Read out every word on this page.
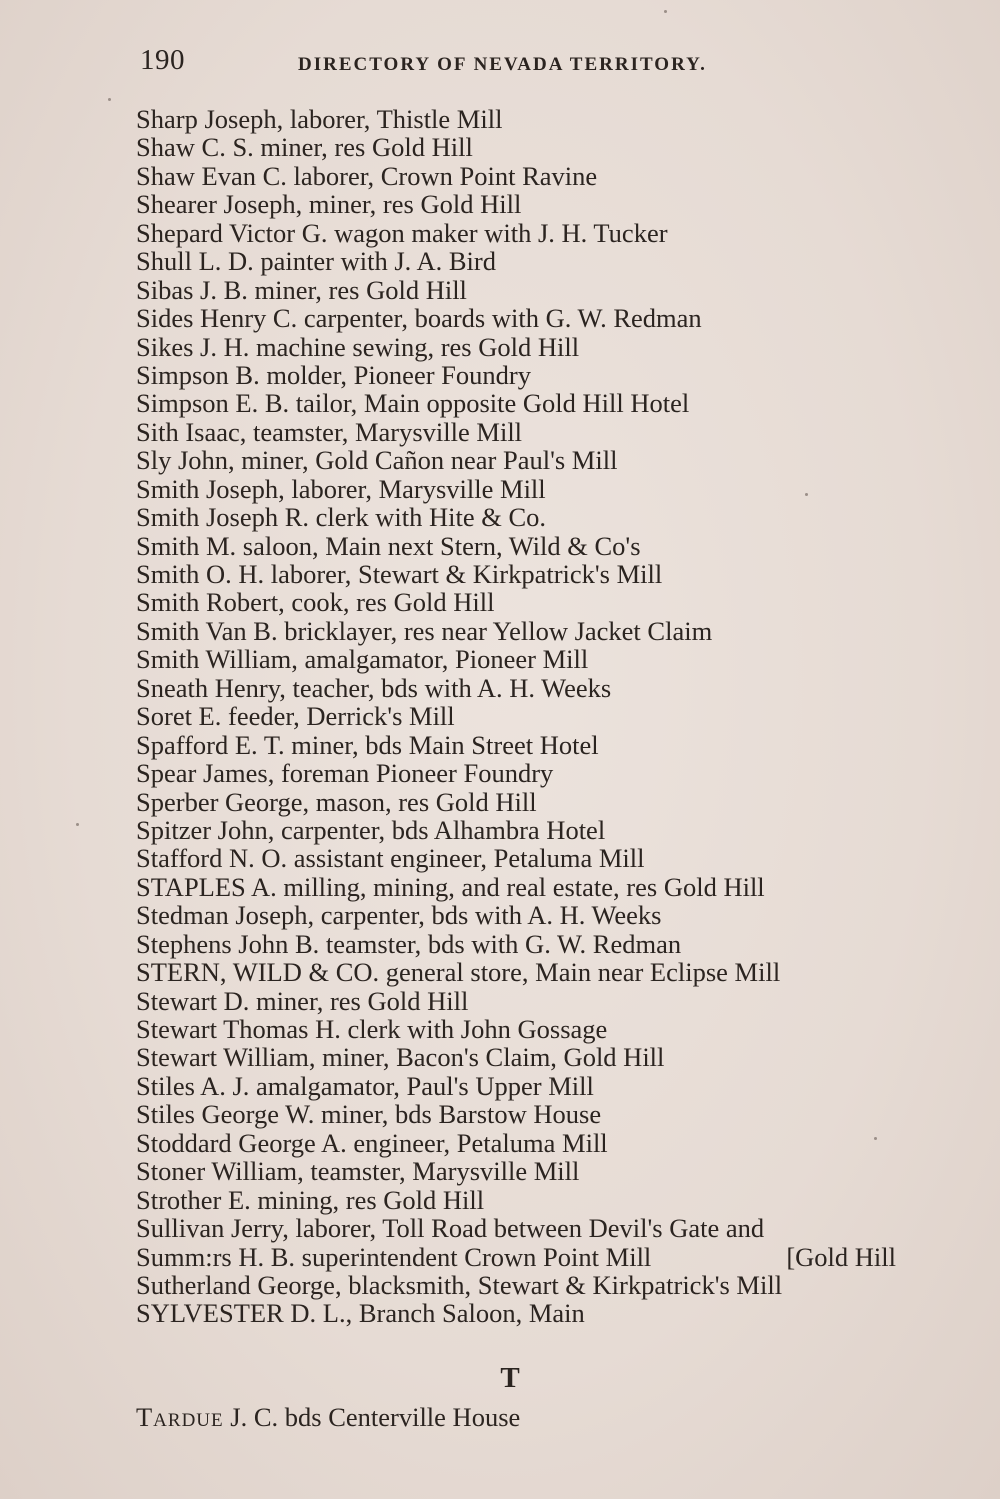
190	DIRECTORY OF NEVADA TERRITORY.
Sharp Joseph, laborer, Thistle Mill
Shaw C. S. miner, res Gold Hill
Shaw Evan C. laborer, Crown Point Ravine
Shearer Joseph, miner, res Gold Hill
Shepard Victor G. wagon maker with J. H. Tucker
Shull L. D. painter with J. A. Bird
Sibas J. B. miner, res Gold Hill
Sides Henry C. carpenter, boards with G. W. Redman
Sikes J. H. machine sewing, res Gold Hill
Simpson B. molder, Pioneer Foundry
Simpson E. B. tailor, Main opposite Gold Hill Hotel
Sith Isaac, teamster, Marysville Mill
Sly John, miner, Gold Cañon near Paul's Mill
Smith Joseph, laborer, Marysville Mill
Smith Joseph R. clerk with Hite & Co.
Smith M. saloon, Main next Stern, Wild & Co's
Smith O. H. laborer, Stewart & Kirkpatrick's Mill
Smith Robert, cook, res Gold Hill
Smith Van B. bricklayer, res near Yellow Jacket Claim
Smith William, amalgamator, Pioneer Mill
Sneath Henry, teacher, bds with A. H. Weeks
Soret E. feeder, Derrick's Mill
Spafford E. T. miner, bds Main Street Hotel
Spear James, foreman Pioneer Foundry
Sperber George, mason, res Gold Hill
Spitzer John, carpenter, bds Alhambra Hotel
Stafford N. O. assistant engineer, Petaluma Mill
STAPLES A. milling, mining, and real estate, res Gold Hill
Stedman Joseph, carpenter, bds with A. H. Weeks
Stephens John B. teamster, bds with G. W. Redman
STERN, WILD & CO. general store, Main near Eclipse Mill
Stewart D. miner, res Gold Hill
Stewart Thomas H. clerk with John Gossage
Stewart William, miner, Bacon's Claim, Gold Hill
Stiles A. J. amalgamator, Paul's Upper Mill
Stiles George W. miner, bds Barstow House
Stoddard George A. engineer, Petaluma Mill
Stoner William, teamster, Marysville Mill
Strother E. mining, res Gold Hill
Sullivan Jerry, laborer, Toll Road between Devil's Gate and
Summ:rs H. B. superintendent Crown Point Mill	[Gold Hill
Sutherland George, blacksmith, Stewart & Kirkpatrick's Mill
SYLVESTER D. L., Branch Saloon, Main
T
Tardue J. C. bds Centerville House
